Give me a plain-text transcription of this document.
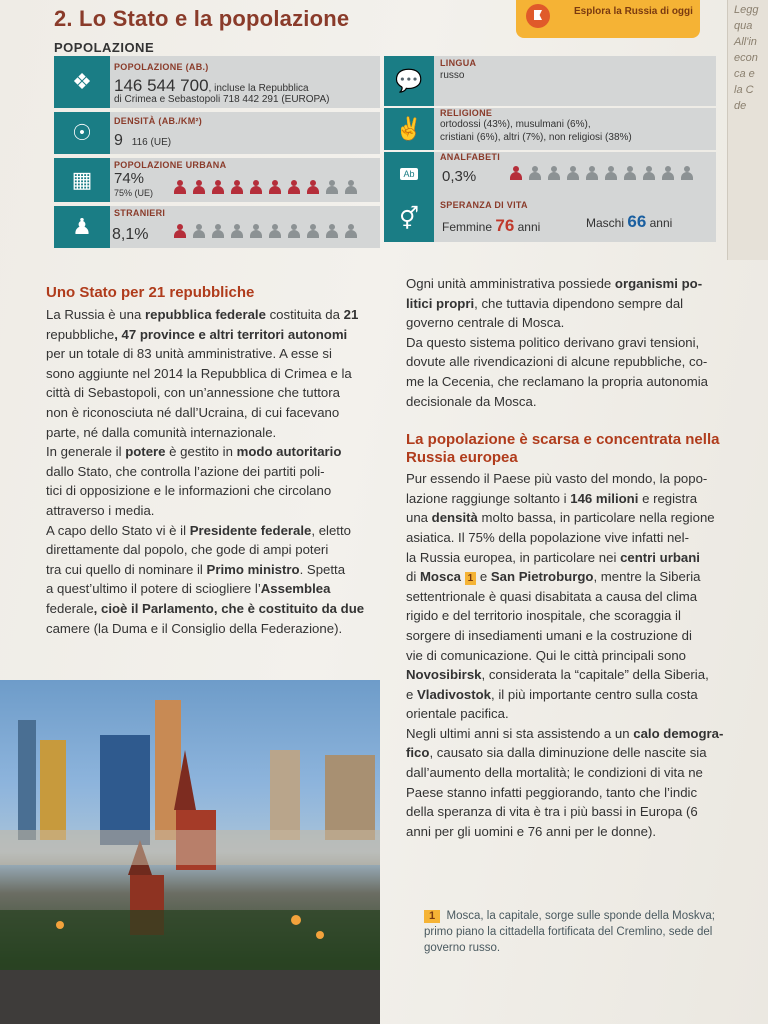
Legg
qua
All'in
econ
ca e
la C
de
2. Lo Stato e la popolazione	Esplora la Russia di oggi
POPOLAZIONE
❖
POPOLAZIONE (AB.)
146 544 700, incluse la Repubblica
di Crimea e Sebastopoli 718 442 291 (EUROPA)
💬
LINGUA
russo
☉	DENSITÀ (AB./KM²)
9 116 (UE)
✌
RELIGIONE
ortodossi (43%), musulmani (6%),
cristiani (6%), altri (7%), non religiosi (38%)
▦
POPOLAZIONE URBANA
74%
75% (UE)
Ab
ANALFABETI
0,3%
♟
STRANIERI
8,1%
⚥
SPERANZA DI VITA
Femmine 76 anni	Maschi 66 anni
Uno Stato per 21 repubbliche

La Russia è una repubblica federale costituita da 21
repubbliche, 47 province e altri territori autonomi
per un totale di 83 unità amministrative. A esse si
sono aggiunte nel 2014 la Repubblica di Crimea e la
città di Sebastopoli, con un’annessione che tuttora
non è riconosciuta né dall’Ucraina, di cui facevano
parte, né dalla comunità internazionale.

In generale il potere è gestito in modo autoritario
dallo Stato, che controlla l’azione dei partiti poli-
tici di opposizione e le informazioni che circolano
attraverso i media.

A capo dello Stato vi è il Presidente federale, eletto
direttamente dal popolo, che gode di ampi poteri
tra cui quello di nominare il Primo ministro. Spetta
a quest’ultimo il potere di sciogliere l’Assemblea
federale, cioè il Parlamento, che è costituito da due
camere (la Duma e il Consiglio della Federazione).

Ogni unità amministrativa possiede organismi po-
litici propri, che tuttavia dipendono sempre dal
governo centrale di Mosca.
Da questo sistema politico derivano gravi tensioni,
dovute alle rivendicazioni di alcune repubbliche, co-
me la Cecenia, che reclamano la propria autonomia
decisionale da Mosca.

La popolazione è scarsa e concentrata nella Russia europea

Pur essendo il Paese più vasto del mondo, la popo-
lazione raggiunge soltanto i 146 milioni e registra
una densità molto bassa, in particolare nella regione
asiatica. Il 75% della popolazione vive infatti nel-
la Russia europea, in particolare nei centri urbani
di Mosca 1 e San Pietroburgo, mentre la Siberia
settentrionale è quasi disabitata a causa del clima
rigido e del territorio inospitale, che scoraggia il
sorgere di insediamenti umani e la costruzione di
vie di comunicazione. Qui le città principali sono
Novosibirsk, considerata la “capitale” della Siberia,
e Vladivostok, il più importante centro sulla costa
orientale pacifica.

Negli ultimi anni si sta assistendo a un calo demogra-
fico, causato sia dalla diminuzione delle nascite sia
dall’aumento della mortalità; le condizioni di vita ne
Paese stanno infatti peggiorando, tanto che l’indic
della speranza di vita è tra i più bassi in Europa (6
anni per gli uomini e 76 anni per le donne).

1 Mosca, la capitale, sorge sulle sponde della Moskva;
primo piano la cittadella fortificata del Cremlino, sede del
governo russo.
